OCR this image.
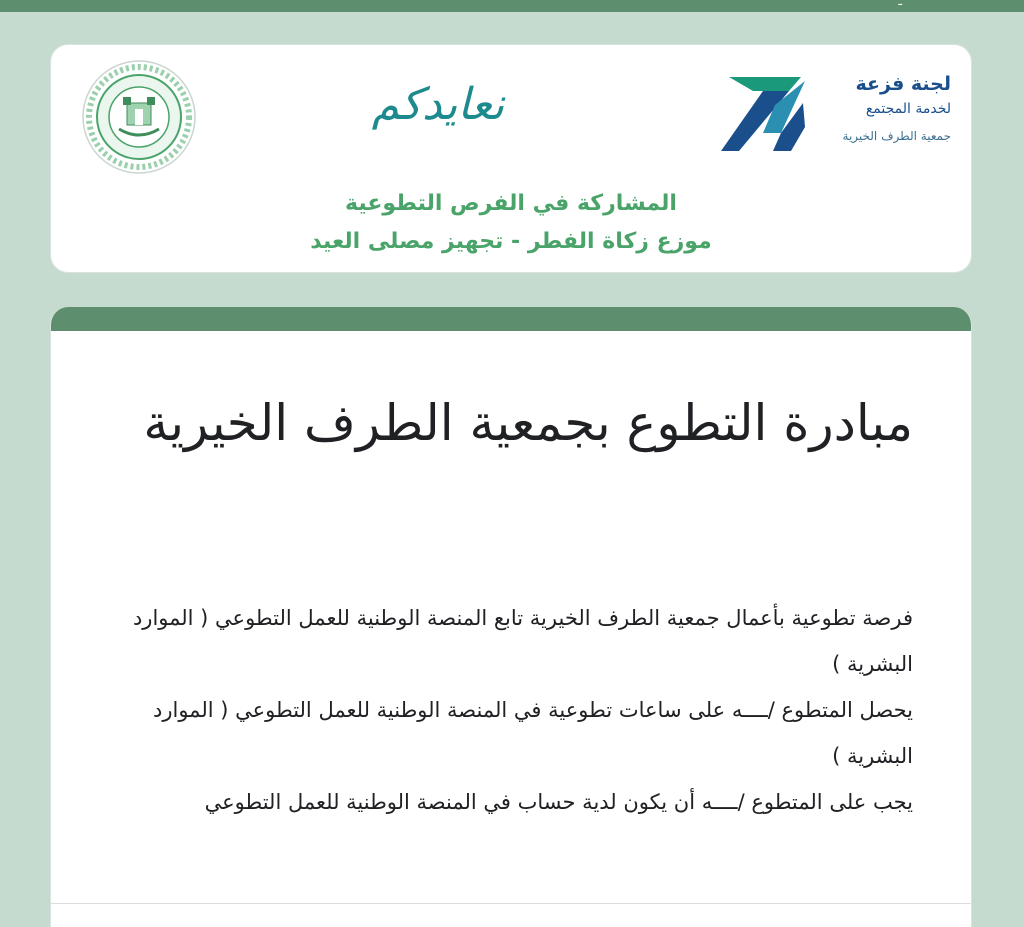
ـ
نعايدكم	لجنة فزعة
لخدمة المجتمع
جمعية الطرف الخيرية
المشاركة في الفرص التطوعية
موزع زكاة الفطر - تجهيز مصلى العيد
مبادرة التطوع بجمعية الطرف الخيرية

فرصة تطوعية بأعمال جمعية الطرف الخيرية تابع المنصة الوطنية للعمل التطوعي ( الموارد البشرية )

يحصل المتطوع /ــــه على ساعات تطوعية في المنصة الوطنية للعمل التطوعي ( الموارد البشرية )

يجب على المتطوع /ــــه أن يكون لدية حساب في المنصة الوطنية للعمل التطوعي
